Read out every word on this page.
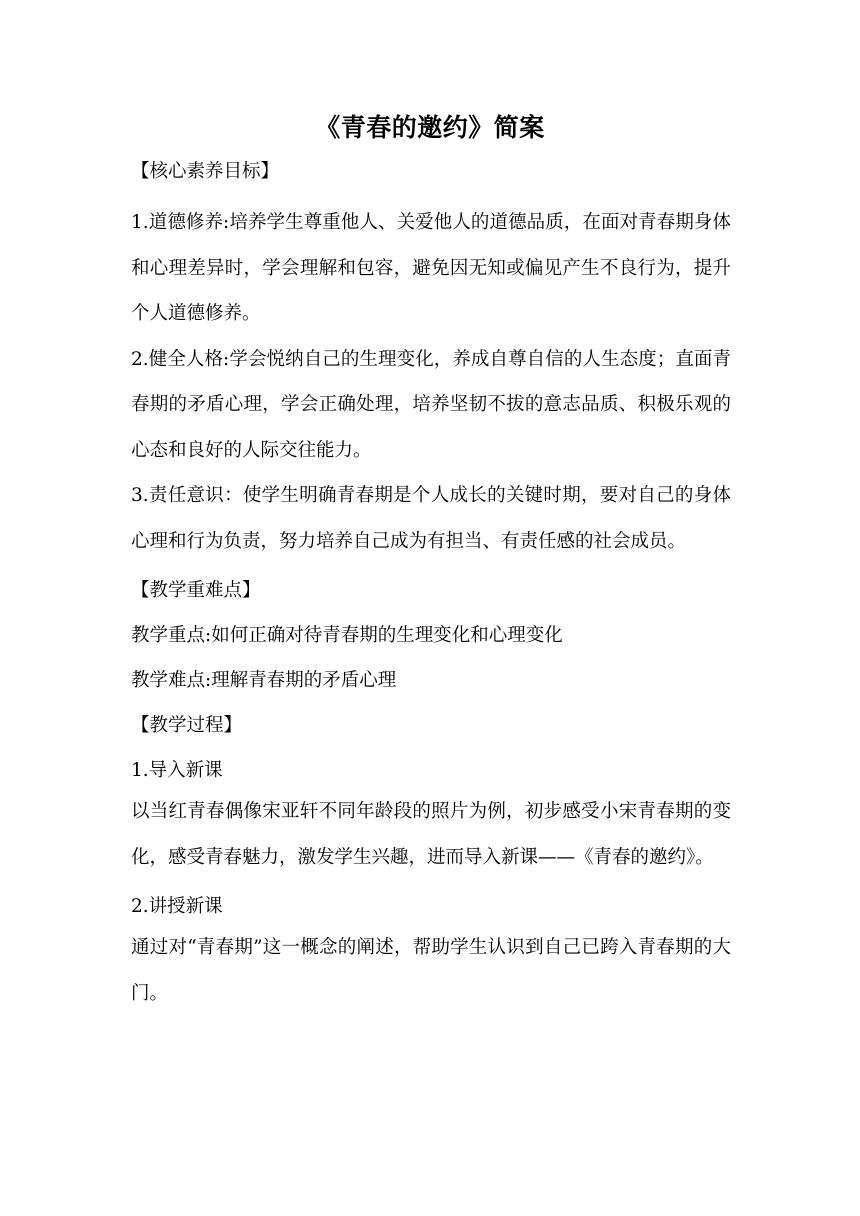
《青春的邀约》简案
【核心素养目标】

1.道德修养:培养学生尊重他人、关爱他人的道德品质，在面对青春期身体和心理差异时，学会理解和包容，避免因无知或偏见产生不良行为，提升个人道德修养。

2.健全人格:学会悦纳自己的生理变化，养成自尊自信的人生态度；直面青春期的矛盾心理，学会正确处理，培养坚韧不拔的意志品质、积极乐观的心态和良好的人际交往能力。

3.责任意识：使学生明确青春期是个人成长的关键时期，要对自己的身体心理和行为负责，努力培养自己成为有担当、有责任感的社会成员。

【教学重难点】
教学重点:如何正确对待青春期的生理变化和心理变化
教学难点:理解青春期的矛盾心理
【教学过程】
1.导入新课

以当红青春偶像宋亚轩不同年龄段的照片为例，初步感受小宋青春期的变化，感受青春魅力，激发学生兴趣，进而导入新课——《青春的邀约》。

2.讲授新课

通过对“青春期”这一概念的阐述，帮助学生认识到自己已跨入青春期的大门。
